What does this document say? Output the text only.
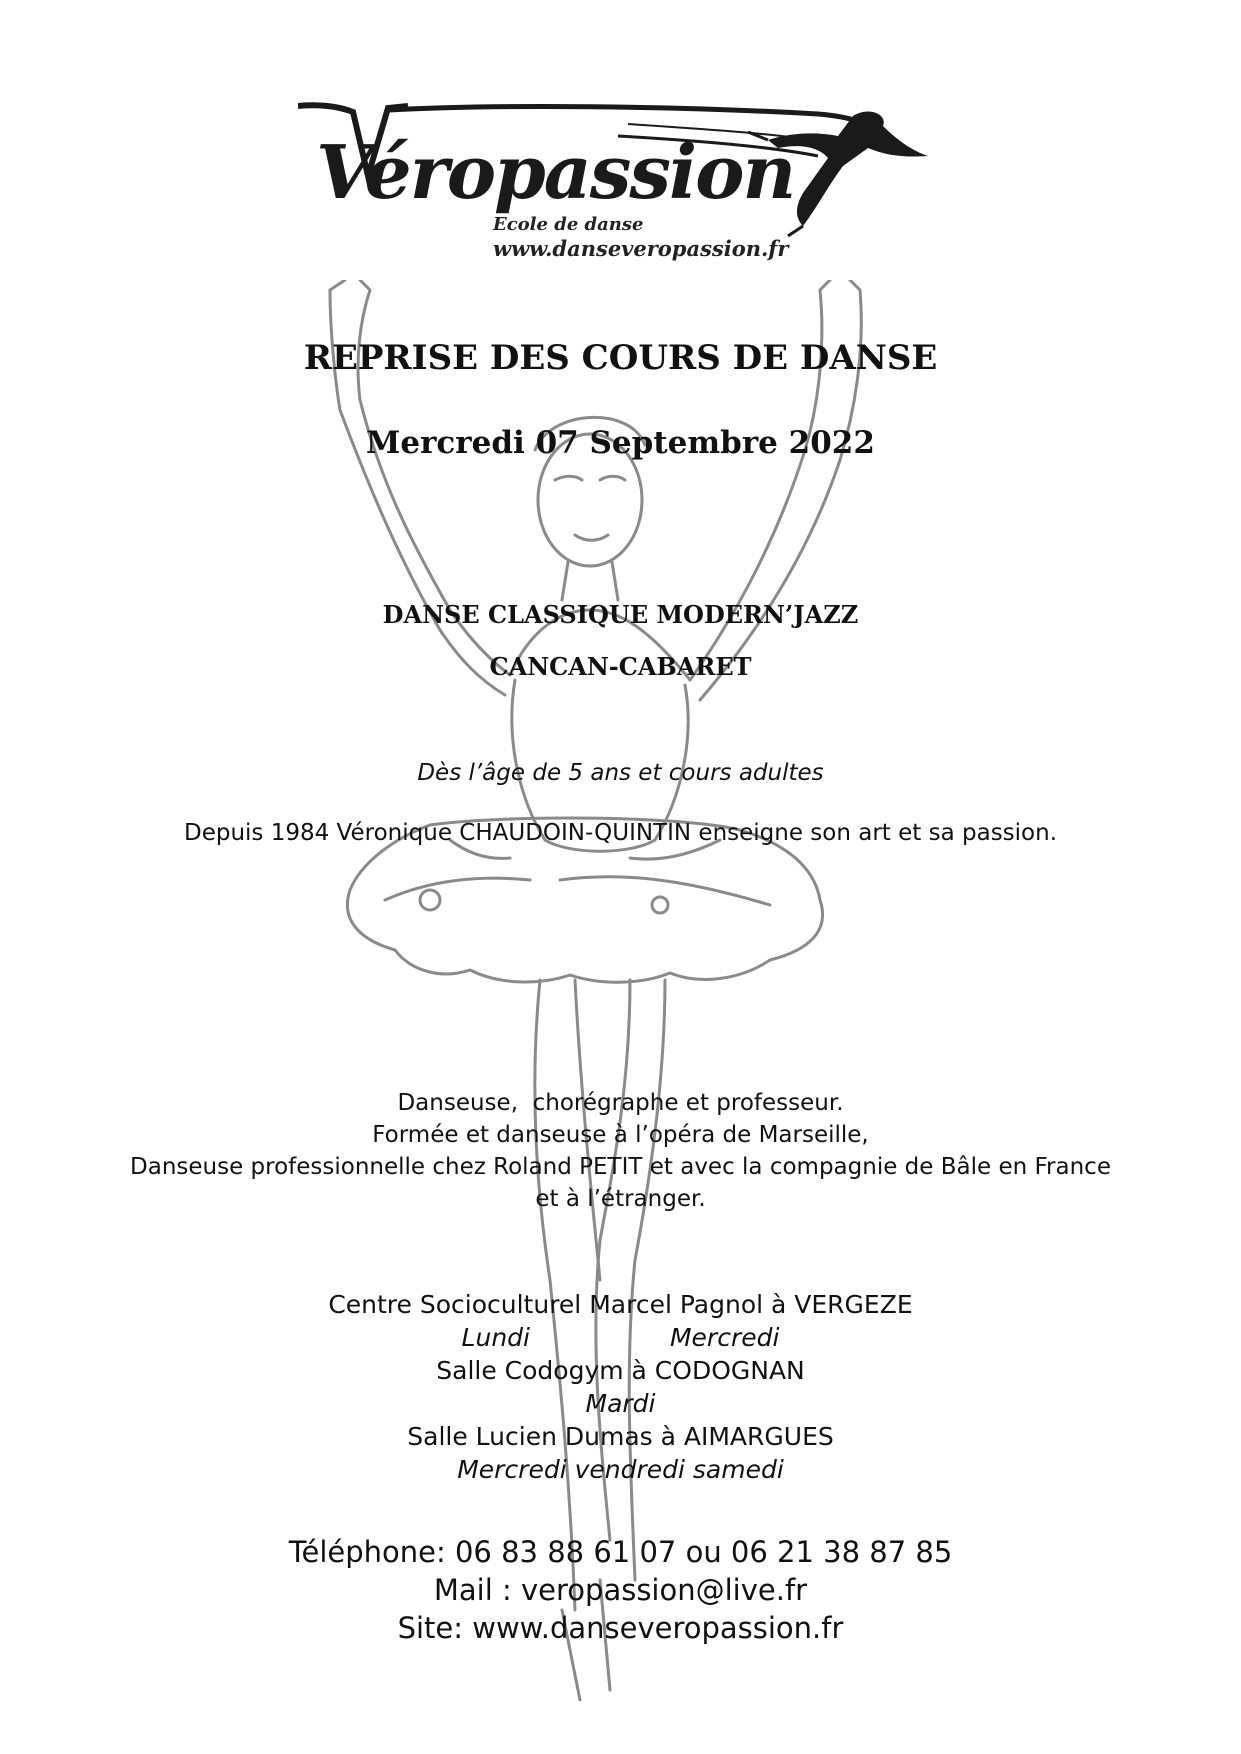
Véropassion
Ecole de danse
www.danseveropassion.fr
REPRISE DES COURS DE DANSE
Mercredi 07 Septembre 2022
DANSE CLASSIQUE MODERN’JAZZ
CANCAN-CABARET
Dès l’âge de 5 ans et cours adultes
Depuis 1984 Véronique CHAUDOIN-QUINTIN enseigne son art et sa passion.
Danseuse,  chorégraphe et professeur.
Formée et danseuse à l’opéra de Marseille,
Danseuse professionnelle chez Roland PETIT et avec la compagnie de Bâle en France
et à l’étranger.
Centre Socioculturel Marcel Pagnol à VERGEZE
Lundi	Mercredi
Salle Codogym à CODOGNAN
Mardi
Salle Lucien Dumas à AIMARGUES
Mercredi vendredi samedi
Téléphone: 06 83 88 61 07 ou 06 21 38 87 85
Mail : veropassion@live.fr
Site: www.danseveropassion.fr
